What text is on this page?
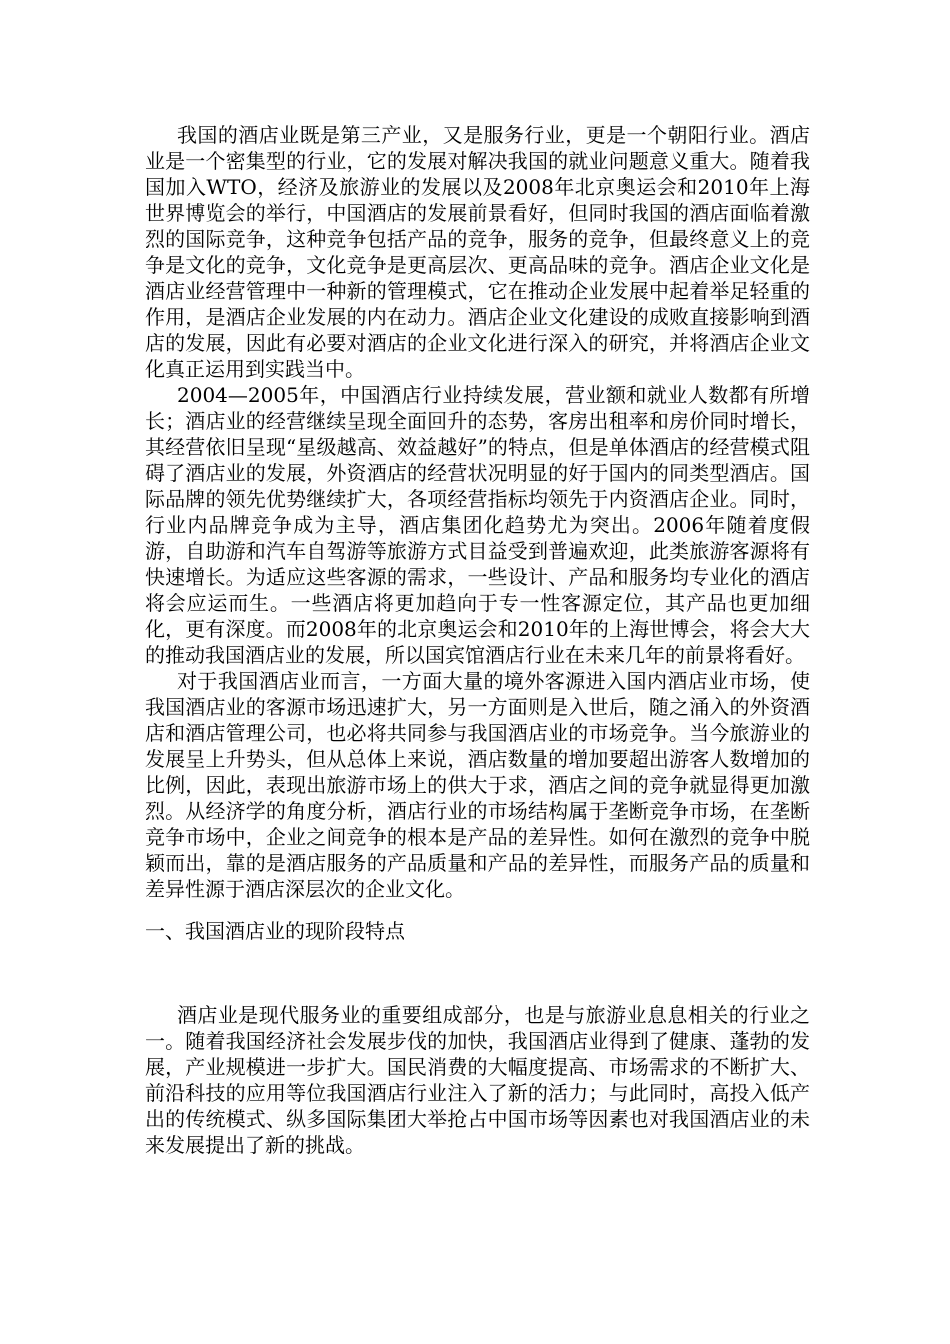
我国的酒店业既是第三产业，又是服务行业，更是一个朝阳行业。酒店业是一个密集型的行业，它的发展对解决我国的就业问题意义重大。随着我国加入WTO，经济及旅游业的发展以及2008年北京奥运会和2010年上海世界博览会的举行，中国酒店的发展前景看好，但同时我国的酒店面临着激烈的国际竞争，这种竞争包括产品的竞争，服务的竞争，但最终意义上的竞争是文化的竞争，文化竞争是更高层次、更高品味的竞争。酒店企业文化是酒店业经营管理中一种新的管理模式，它在推动企业发展中起着举足轻重的作用，是酒店企业发展的内在动力。酒店企业文化建设的成败直接影响到酒店的发展，因此有必要对酒店的企业文化进行深入的研究，并将酒店企业文化真正运用到实践当中。

2004—2005年，中国酒店行业持续发展，营业额和就业人数都有所增长；酒店业的经营继续呈现全面回升的态势，客房出租率和房价同时增长，其经营依旧呈现“星级越高、效益越好”的特点，但是单体酒店的经营模式阻碍了酒店业的发展，外资酒店的经营状况明显的好于国内的同类型酒店。国际品牌的领先优势继续扩大，各项经营指标均领先于内资酒店企业。同时，行业内品牌竞争成为主导，酒店集团化趋势尤为突出。2006年随着度假游，自助游和汽车自驾游等旅游方式目益受到普遍欢迎，此类旅游客源将有快速增长。为适应这些客源的需求，一些设计、产品和服务均专业化的酒店将会应运而生。一些酒店将更加趋向于专一性客源定位，其产品也更加细化，更有深度。而2008年的北京奥运会和2010年的上海世博会，将会大大的推动我国酒店业的发展，所以国宾馆酒店行业在未来几年的前景将看好。

对于我国酒店业而言，一方面大量的境外客源进入国内酒店业市场，使我国酒店业的客源市场迅速扩大，另一方面则是入世后，随之涌入的外资酒店和酒店管理公司，也必将共同参与我国酒店业的市场竞争。当今旅游业的发展呈上升势头，但从总体上来说，酒店数量的增加要超出游客人数增加的比例，因此，表现出旅游市场上的供大于求，酒店之间的竞争就显得更加激烈。从经济学的角度分析，酒店行业的市场结构属于垄断竞争市场，在垄断竞争市场中，企业之间竞争的根本是产品的差异性。如何在激烈的竞争中脱颖而出，靠的是酒店服务的产品质量和产品的差异性，而服务产品的质量和差异性源于酒店深层次的企业文化。

一、我国酒店业的现阶段特点

酒店业是现代服务业的重要组成部分，也是与旅游业息息相关的行业之一。随着我国经济社会发展步伐的加快，我国酒店业得到了健康、蓬勃的发展，产业规模进一步扩大。国民消费的大幅度提高、市场需求的不断扩大、前沿科技的应用等位我国酒店行业注入了新的活力；与此同时，高投入低产出的传统模式、纵多国际集团大举抢占中国市场等因素也对我国酒店业的未来发展提出了新的挑战。
